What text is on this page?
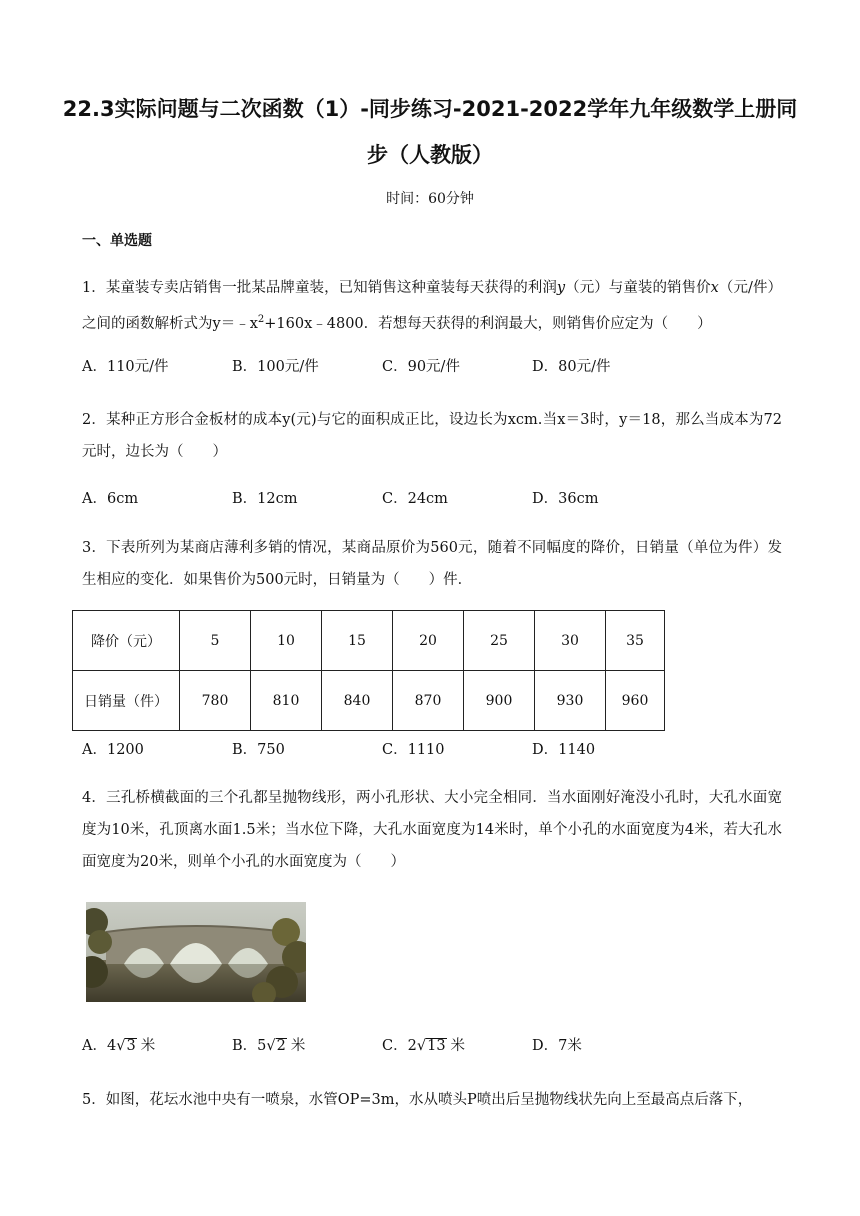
22.3实际问题与二次函数（1）-同步练习-2021-2022学年九年级数学上册同步（人教版）
时间：60分钟
一、单选题
1．某童装专卖店销售一批某品牌童装，已知销售这种童装每天获得的利润y（元）与童装的销售价x（元/件）之间的函数解析式为$y=﹣x^2+160x﹣4800$．若想每天获得的利润最大，则销售价应定为（　　）
A．110元/件	B．100元/件	C．90元/件	D．80元/件
2．某种正方形合金板材的成本y(元)与它的面积成正比，设边长为xcm.当x＝3时，y＝18，那么当成本为72元时，边长为（　　）
A．6cm	B．12cm	C．24cm	D．36cm
3．下表所列为某商店薄利多销的情况，某商品原价为560元，随着不同幅度的降价，日销量（单位为件）发生相应的变化．如果售价为500元时，日销量为（　　）件．
降价（元）	5	10	15	20	25	30	35
日销量（件）	780	810	840	870	900	930	960
A．1200	B．750	C．1110	D．1140
4．三孔桥横截面的三个孔都呈抛物线形，两小孔形状、大小完全相同．当水面刚好淹没小孔时，大孔水面宽度为10米，孔顶离水面1.5米；当水位下降，大孔水面宽度为14米时，单个小孔的水面宽度为4米，若大孔水面宽度为20米，则单个小孔的水面宽度为（　　）
A．4√3 米	B．5√2 米	C．2√13 米	D．7米
5．如图，花坛水池中央有一喷泉，水管OP=3m，水从喷头P喷出后呈抛物线状先向上至最高点后落下，
